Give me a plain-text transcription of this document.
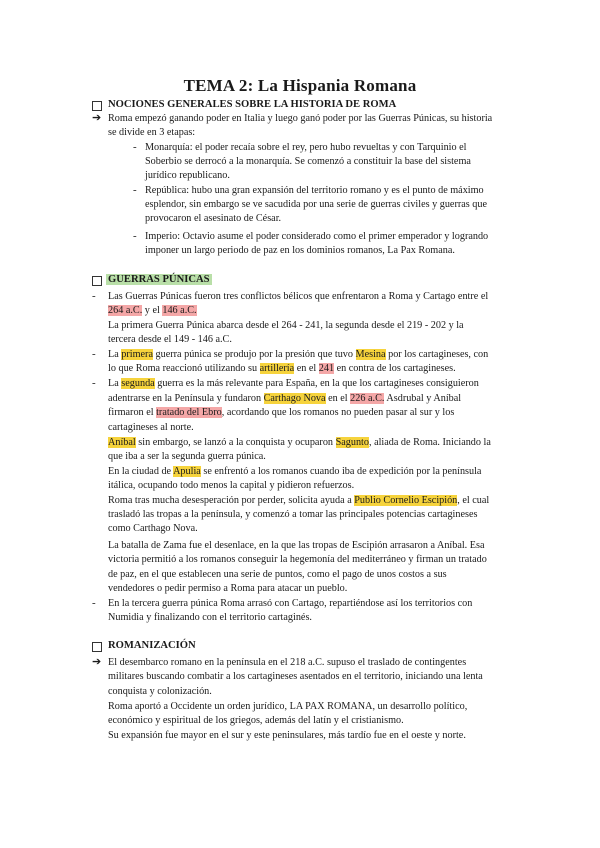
TEMA 2: La Hispania Romana
NOCIONES GENERALES SOBRE LA HISTORIA DE ROMA
➔ Roma empezó ganando poder en Italia y luego ganó poder por las Guerras Púnicas, su historia
se divide en 3 etapas:
- Monarquía: el poder recaía sobre el rey, pero hubo revueltas y con Tarquinio el
Soberbio se derrocó a la monarquía. Se comenzó a constituir la base del sistema
jurídico republicano.
- República: hubo una gran expansión del territorio romano y es el punto de máximo
esplendor, sin embargo se ve sacudida por una serie de guerras civiles y guerras que
provocaron el asesinato de César.
- Imperio: Octavio asume el poder considerado como el primer emperador y logrando
imponer un largo periodo de paz en los dominios romanos, La Pax Romana.
GUERRAS PÚNICAS
- Las Guerras Púnicas fueron tres conflictos bélicos que enfrentaron a Roma y Cartago entre el
264 a.C. y el 146 a.C.
La primera Guerra Púnica abarca desde el 264 - 241, la segunda desde el 219 - 202 y la
tercera desde el 149 - 146 a.C.
- La primera guerra púnica se produjo por la presión que tuvo Mesina por los cartagineses, con
lo que Roma reaccionó utilizando su artillería en el 241 en contra de los cartagineses.
- La segunda guerra es la más relevante para España, en la que los cartagineses consiguieron
adentrarse en la Península y fundaron Carthago Nova en el 226 a.C. Asdrubal y Aníbal
firmaron el tratado del Ebro, acordando que los romanos no pueden pasar al sur y los
cartagineses al norte.
Aníbal sin embargo, se lanzó a la conquista y ocuparon Sagunto, aliada de Roma. Iniciando la
que iba a ser la segunda guerra púnica.
En la ciudad de Apulia se enfrentó a los romanos cuando iba de expedición por la península
itálica, ocupando todo menos la capital y pidieron refuerzos.
Roma tras mucha desesperación por perder, solicita ayuda a Publio Cornelio Escipión, el cual
trasladó las tropas a la península, y comenzó a tomar las principales potencias cartagineses
como Carthago Nova.
La batalla de Zama fue el desenlace, en la que las tropas de Escipión arrasaron a Aníbal. Esa
victoria permitió a los romanos conseguir la hegemonía del mediterráneo y firman un tratado
de paz, en el que establecen una serie de puntos, como el pago de unos costos a sus
vendedores o pedir permiso a Roma para atacar un pueblo.
- En la tercera guerra púnica Roma arrasó con Cartago, repartiéndose así los territorios con
Numidia y finalizando con el territorio cartaginés.
ROMANIZACIÓN
➔ El desembarco romano en la península en el 218 a.C. supuso el traslado de contingentes
militares buscando combatir a los cartagineses asentados en el territorio, iniciando una lenta
conquista y colonización.
Roma aportó a Occidente un orden jurídico, LA PAX ROMANA, un desarrollo político,
económico y espiritual de los griegos, además del latín y el cristianismo.
Su expansión fue mayor en el sur y este peninsulares, más tardío fue en el oeste y norte.
